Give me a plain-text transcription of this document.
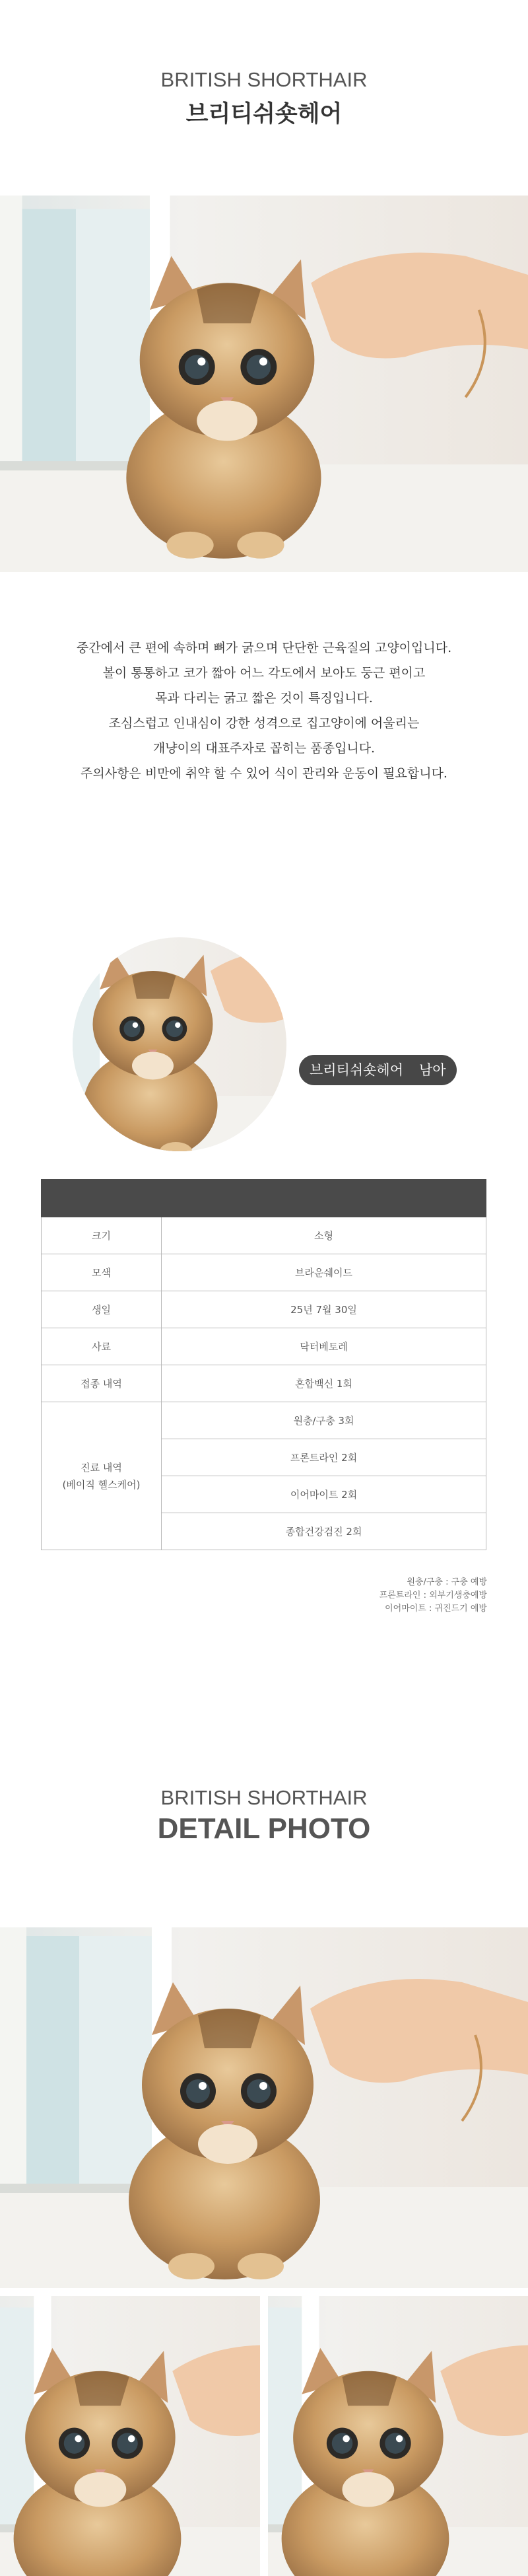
BRITISH SHORTHAIR
브리티쉬숏헤어
중간에서 큰 편에 속하며 뼈가 굵으며 단단한 근육질의 고양이입니다.
볼이 통통하고 코가 짧아 어느 각도에서 보아도 둥근 편이고
목과 다리는 굵고 짧은 것이 특징입니다.
조심스럽고 인내심이 강한 성격으로 집고양이에 어울리는
개냥이의 대표주자로 꼽히는 품종입니다.
주의사항은 비만에 취약 할 수 있어 식이 관리와 운동이 필요합니다.
브리티쉬숏헤어 남아

크기	소형
모색	브라운쉐이드
생일	25년 7월 30일
사료	닥터베토레
접종 내역	혼합백신 1회

진료 내역
(베이직 헬스케어)	원충/구충 3회
	프론트라인 2회
	이어마이트 2회
	종합건강검진 2회
원충/구충 : 구충 예방
프론트라인 : 외부기생충예방
이어마이트 : 귀진드기 예방
BRITISH SHORTHAIR
DETAIL PHOTO
